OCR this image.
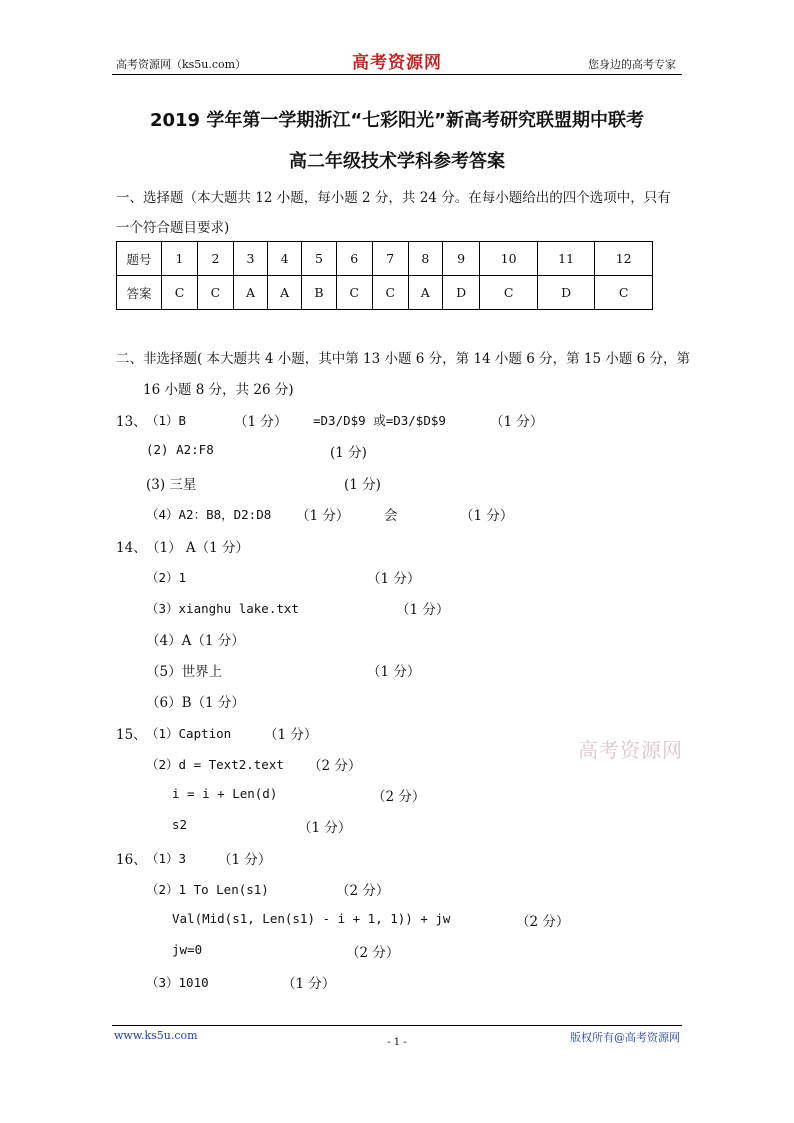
高考资源网（ks5u.com）	高考资源网	您身边的高考专家
2019 学年第一学期浙江“七彩阳光”新高考研究联盟期中联考
高二年级技术学科参考答案
一、选择题（本大题共 12 小题，每小题 2 分，共 24 分。在每小题给出的四个选项中，只有
一个符合题目要求)
题号	1	2	3	4	5	6	7	8	9	10	11	12
答案	C	C	A	A	B	C	C	A	D	C	D	C
二、非选择题( 本大题共 4 小题，其中第 13 小题 6 分，第 14 小题 6 分，第 15 小题 6 分，第
16 小题 8 分，共 26 分)
13、 （1）B	（1 分） =D3/D$9 或=D3/$D$9	（1 分）
(2) A2:F8	(1 分)
(3) 三星	(1 分)
（4）A2：B8，D2:D8 （1 分）	会	（1 分）
14、 （1） A（1 分）
（2）1	（1 分）
（3）xianghu lake.txt	（1 分）
（4）A（1 分）
（5）世界上	（1 分）
（6）B（1 分）
15、 （1）Caption （1 分）
（2）d = Text2.text （2 分）
i = i + Len(d)	（2 分）
s2	（1 分）
16、 （1）3 （1 分）
（2）1 To Len(s1)	（2 分）
Val(Mid(s1, Len(s1) - i + 1, 1)) + jw	（2 分）
jw=0	（2 分）
（3）1010	（1 分）
高考资源网
www.ks5u.com
- 1 -	版权所有@高考资源网
